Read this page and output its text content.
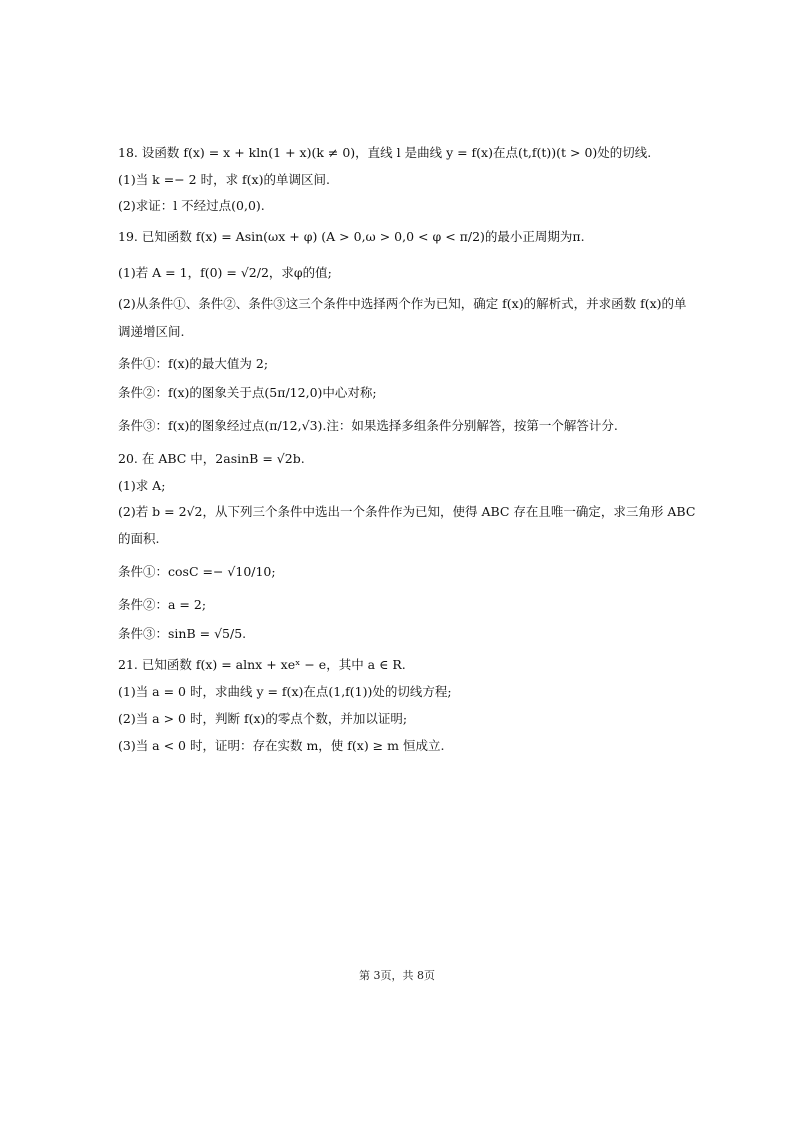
18. 设函数 f(x) = x + kln(1 + x)(k ≠ 0)，直线 l 是曲线 y = f(x)在点(t,f(t))(t > 0)处的切线.
(1)当 k =− 2 时，求 f(x)的单调区间.
(2)求证：l 不经过点(0,0).
19. 已知函数 f(x) = Asin(ωx + φ) (A > 0,ω > 0,0 < φ < π/2)的最小正周期为π.
(1)若 A = 1，f(0) = √2/2，求φ的值;
(2)从条件①、条件②、条件③这三个条件中选择两个作为已知，确定 f(x)的解析式，并求函数 f(x)的单
调递增区间.
条件①：f(x)的最大值为 2;
条件②：f(x)的图象关于点(5π/12,0)中心对称;
条件③：f(x)的图象经过点(π/12,√3).注：如果选择多组条件分别解答，按第一个解答计分.
20. 在 ABC 中，2asinB = √2b.
(1)求 A;
(2)若 b = 2√2，从下列三个条件中选出一个条件作为已知，使得 ABC 存在且唯一确定，求三角形 ABC
的面积.
条件①：cosC =− √10/10;
条件②：a = 2;
条件③：sinB = √5/5.
21. 已知函数 f(x) = alnx + xeˣ − e，其中 a ∈ R.
(1)当 a = 0 时，求曲线 y = f(x)在点(1,f(1))处的切线方程;
(2)当 a > 0 时，判断 f(x)的零点个数，并加以证明;
(3)当 a < 0 时，证明：存在实数 m，使 f(x) ≥ m 恒成立.
第 3页，共 8页
